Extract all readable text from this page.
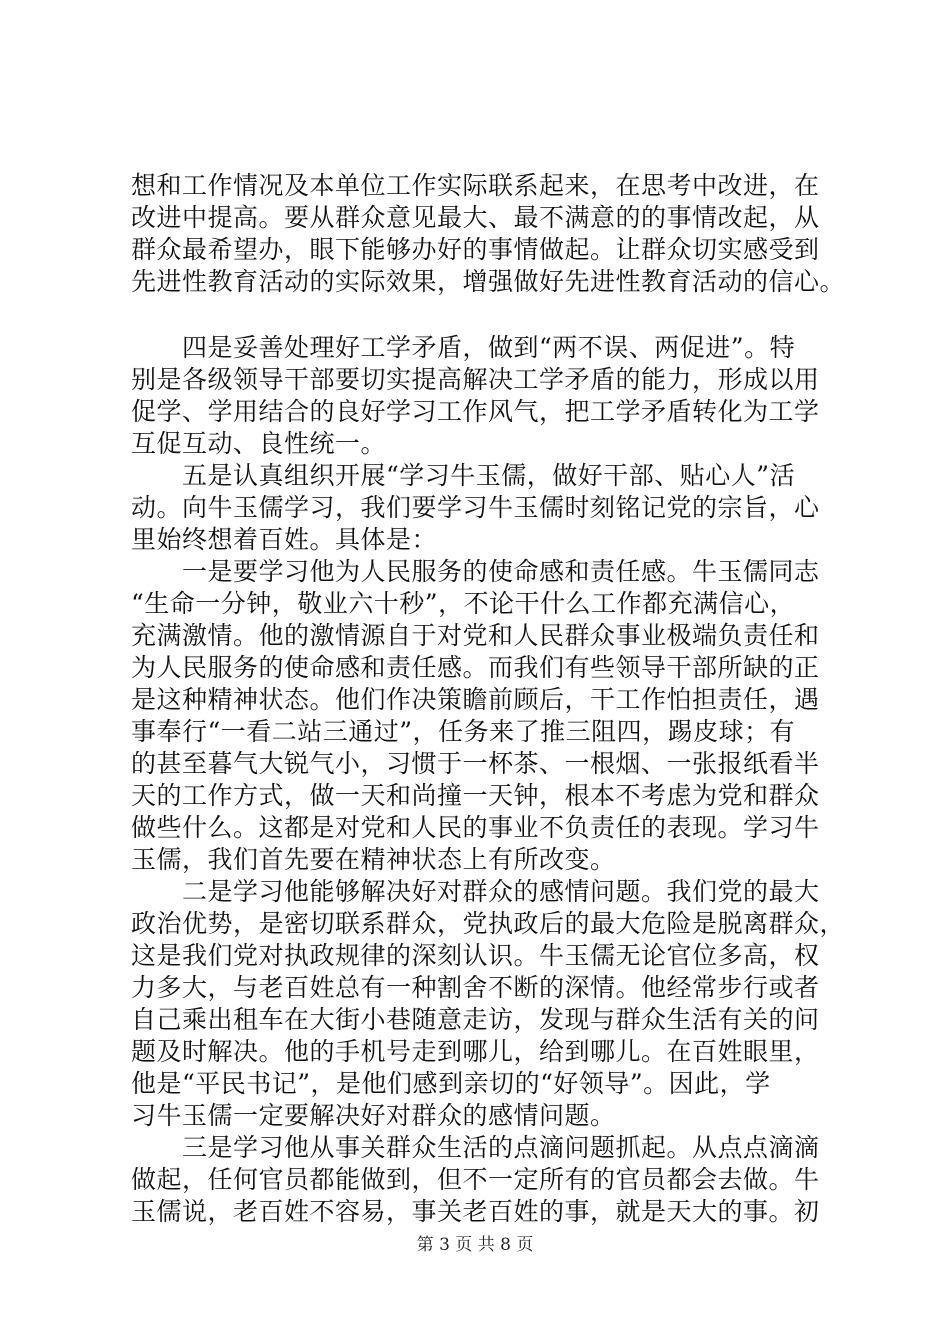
想和工作情况及本单位工作实际联系起来，在思考中改进，在
改进中提高。要从群众意见最大、最不满意的的事情改起，从
群众最希望办，眼下能够办好的事情做起。让群众切实感受到
先进性教育活动的实际效果，增强做好先进性教育活动的信心。
　　四是妥善处理好工学矛盾，做到“两不误、两促进”。特
别是各级领导干部要切实提高解决工学矛盾的能力，形成以用
促学、学用结合的良好学习工作风气，把工学矛盾转化为工学
互促互动、良性统一。
　　五是认真组织开展“学习牛玉儒，做好干部、贴心人”活
动。向牛玉儒学习，我们要学习牛玉儒时刻铭记党的宗旨，心
里始终想着百姓。具体是：
　　一是要学习他为人民服务的使命感和责任感。牛玉儒同志
“生命一分钟，敬业六十秒”，不论干什么工作都充满信心，
充满激情。他的激情源自于对党和人民群众事业极端负责任和
为人民服务的使命感和责任感。而我们有些领导干部所缺的正
是这种精神状态。他们作决策瞻前顾后，干工作怕担责任，遇
事奉行“一看二站三通过”，任务来了推三阻四，踢皮球；有
的甚至暮气大锐气小，习惯于一杯茶、一根烟、一张报纸看半
天的工作方式，做一天和尚撞一天钟，根本不考虑为党和群众
做些什么。这都是对党和人民的事业不负责任的表现。学习牛
玉儒，我们首先要在精神状态上有所改变。
　　二是学习他能够解决好对群众的感情问题。我们党的最大
政治优势，是密切联系群众，党执政后的最大危险是脱离群众，
这是我们党对执政规律的深刻认识。牛玉儒无论官位多高，权
力多大，与老百姓总有一种割舍不断的深情。他经常步行或者
自己乘出租车在大街小巷随意走访，发现与群众生活有关的问
题及时解决。他的手机号走到哪儿，给到哪儿。在百姓眼里，
他是“平民书记”，是他们感到亲切的“好领导”。因此，学
习牛玉儒一定要解决好对群众的感情问题。
　　三是学习他从事关群众生活的点滴问题抓起。从点点滴滴
做起，任何官员都能做到，但不一定所有的官员都会去做。牛
玉儒说，老百姓不容易，事关老百姓的事，就是天大的事。初
第 3 页 共 8 页
